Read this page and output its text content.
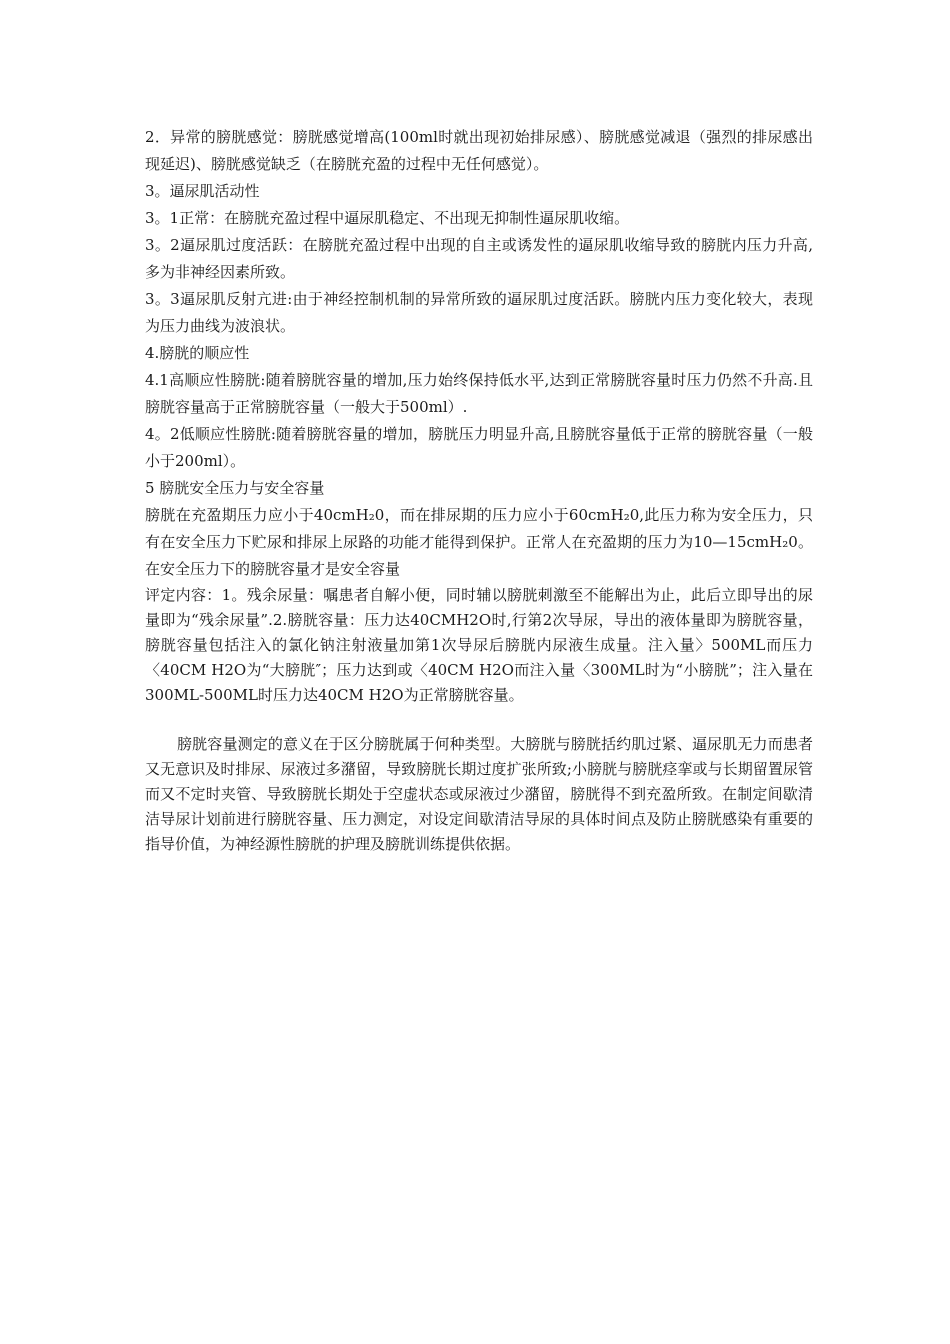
2．异常的膀胱感觉：膀胱感觉增高(100ml时就出现初始排尿感）、膀胱感觉减退（强烈的排尿感出现延迟)、膀胱感觉缺乏（在膀胱充盈的过程中无任何感觉）。

3。逼尿肌活动性

3。1正常：在膀胱充盈过程中逼尿肌稳定、不出现无抑制性逼尿肌收缩。

3。2逼尿肌过度活跃：在膀胱充盈过程中出现的自主或诱发性的逼尿肌收缩导致的膀胱内压力升高,多为非神经因素所致。

3。3逼尿肌反射亢进:由于神经控制机制的异常所致的逼尿肌过度活跃。膀胱内压力变化较大，表现为压力曲线为波浪状。

4.膀胱的顺应性

4.1高顺应性膀胱:随着膀胱容量的增加,压力始终保持低水平,达到正常膀胱容量时压力仍然不升高.且膀胱容量高于正常膀胱容量（一般大于500ml）.

4。2低顺应性膀胱:随着膀胱容量的增加，膀胱压力明显升高,且膀胱容量低于正常的膀胱容量（一般小于200ml）。

5 膀胱安全压力与安全容量

膀胱在充盈期压力应小于40cmH₂0，而在排尿期的压力应小于60cmH₂0,此压力称为安全压力，只有在安全压力下贮尿和排尿上尿路的功能才能得到保护。正常人在充盈期的压力为10—15cmH₂0。在安全压力下的膀胱容量才是安全容量

评定内容：1。残余尿量：嘱患者自解小便，同时辅以膀胱刺激至不能解出为止，此后立即导出的尿量即为“残余尿量”.2.膀胱容量：压力达40CMH2O时,行第2次导尿，导出的液体量即为膀胱容量，膀胱容量包括注入的氯化钠注射液量加第1次导尿后膀胱内尿液生成量。注入量〉500ML而压力〈40CM H2O为“大膀胱″；压力达到或〈40CM H2O而注入量〈300ML时为“小膀胱”；注入量在300ML-500ML时压力达40CM H2O为正常膀胱容量。

膀胱容量测定的意义在于区分膀胱属于何种类型。大膀胱与膀胱括约肌过紧、逼尿肌无力而患者又无意识及时排尿、尿液过多潴留，导致膀胱长期过度扩张所致;小膀胱与膀胱痉挛或与长期留置尿管而又不定时夹管、导致膀胱长期处于空虚状态或尿液过少潴留，膀胱得不到充盈所致。在制定间歇清洁导尿计划前进行膀胱容量、压力测定，对设定间歇清洁导尿的具体时间点及防止膀胱感染有重要的指导价值，为神经源性膀胱的护理及膀胱训练提供依据。
